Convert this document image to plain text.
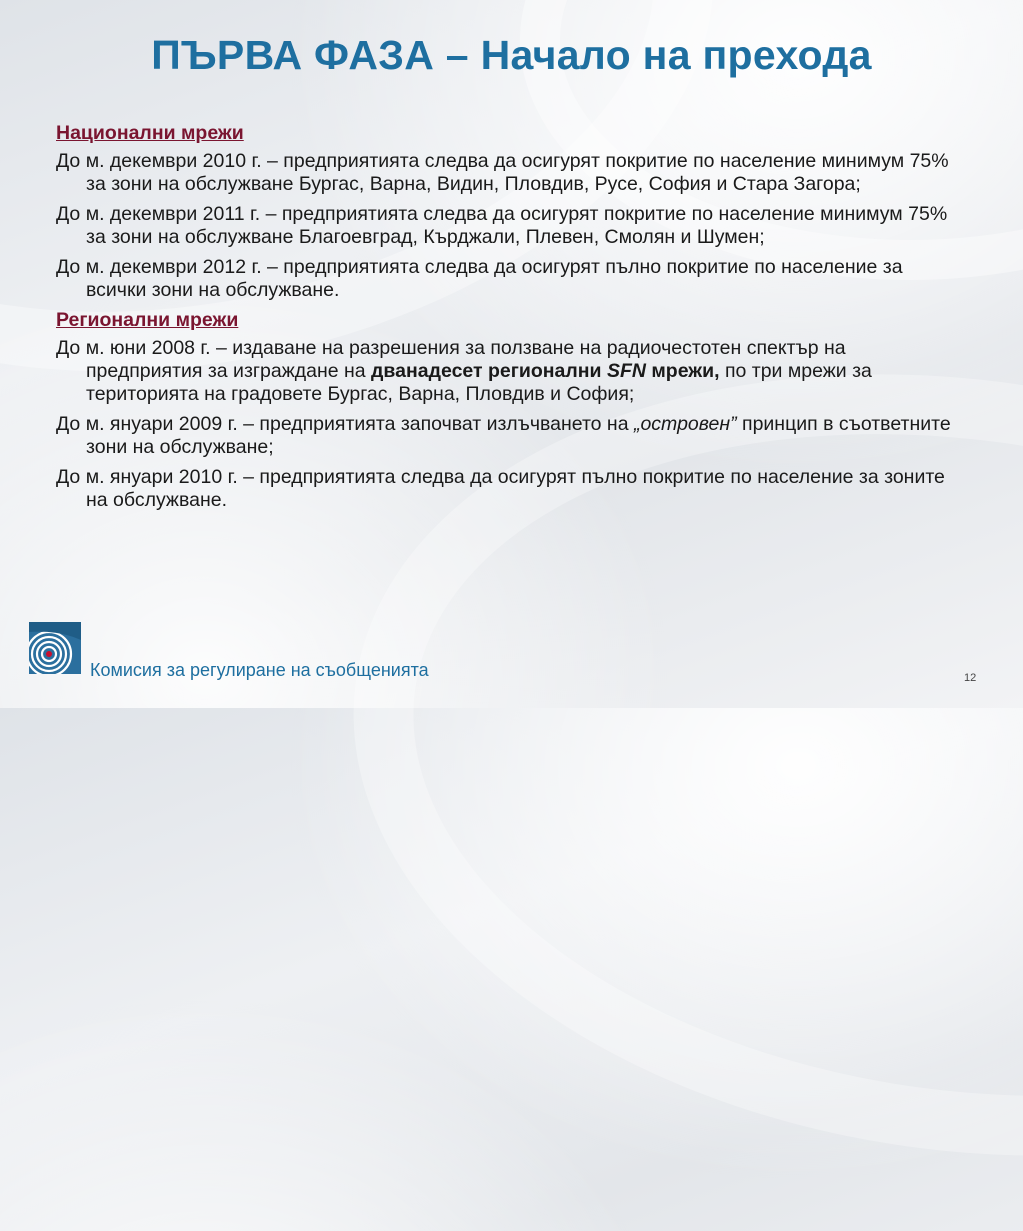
ПЪРВА ФАЗА – Начало на прехода
Национални мрежи
До м. декември 2010 г. – предприятията следва да осигурят покритие по население минимум 75% за зони на обслужване Бургас, Варна, Видин, Пловдив, Русе, София и Стара Загора;
До м. декември 2011 г. – предприятията следва да осигурят покритие по население минимум 75% за зони на обслужване Благоевград, Кърджали, Плевен, Смолян и Шумен;
До м. декември 2012 г. – предприятията следва да осигурят пълно покритие по население за всички зони на обслужване.
Регионални мрежи
До м. юни 2008 г. – издаване на разрешения за ползване на радиочестотен спектър на предприятия за изграждане на дванадесет регионални SFN мрежи, по три мрежи за територията на градовете Бургас, Варна, Пловдив и София;
До м. януари 2009 г. – предприятията започват излъчването на „островен” принцип в съответните зони на обслужване;
До м. януари 2010 г. – предприятията следва да осигурят пълно покритие по население за зоните на обслужване.
Комисия за регулиране на съобщенията	12
